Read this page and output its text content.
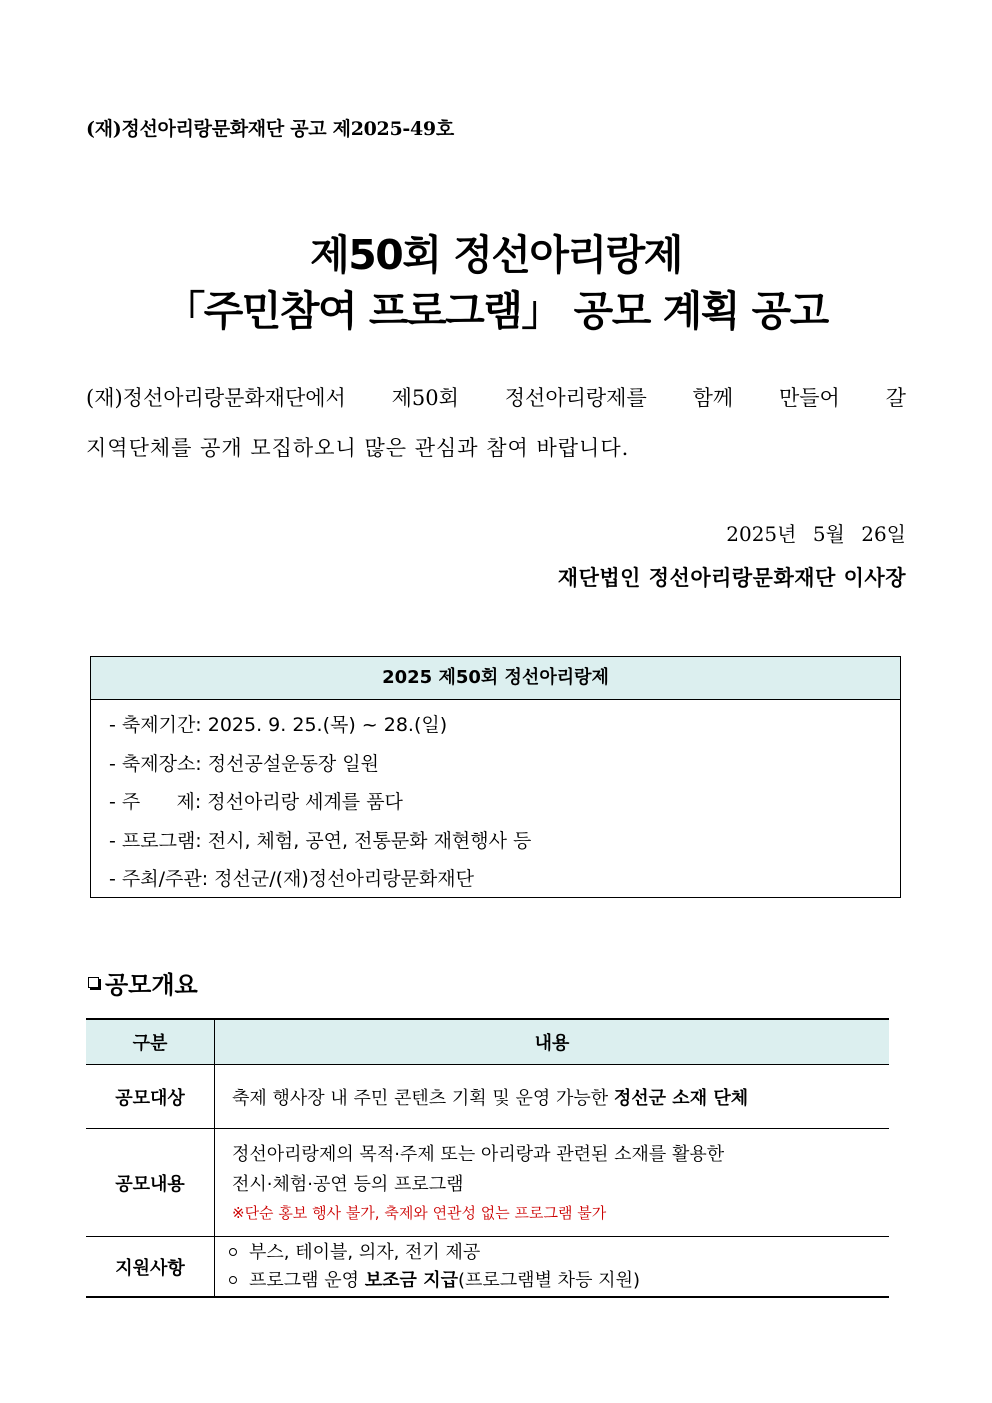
(재)정선아리랑문화재단 공고 제2025-49호
제50회 정선아리랑제
「주민참여 프로그램」 공모 계획 공고
(재)정선아리랑문화재단에서 제50회 정선아리랑제를 함께 만들어 갈
지역단체를 공개 모집하오니 많은 관심과 참여 바랍니다.
2025년 5월 26일
재단법인 정선아리랑문화재단 이사장
2025 제50회 정선아리랑제
- 축제기간: 2025. 9. 25.(목) ~ 28.(일)
- 축제장소: 정선공설운동장 일원
- 주      제: 정선아리랑 세계를 품다
- 프로그램: 전시, 체험, 공연, 전통문화 재현행사 등
- 주최/주관: 정선군/(재)정선아리랑문화재단
공모개요
구분	내용
공모대상	축제 행사장 내 주민 콘텐츠 기획 및 운영 가능한 정선군 소재 단체
공모내용	정선아리랑제의 목적·주제 또는 아리랑과 관련된 소재를 활용한
전시·체험·공연 등의 프로그램
※단순 홍보 행사 불가, 축제와 연관성 없는 프로그램 불가

지원사항	부스, 테이블, 의자, 전기 제공
프로그램 운영 보조금 지급(프로그램별 차등 지원)
